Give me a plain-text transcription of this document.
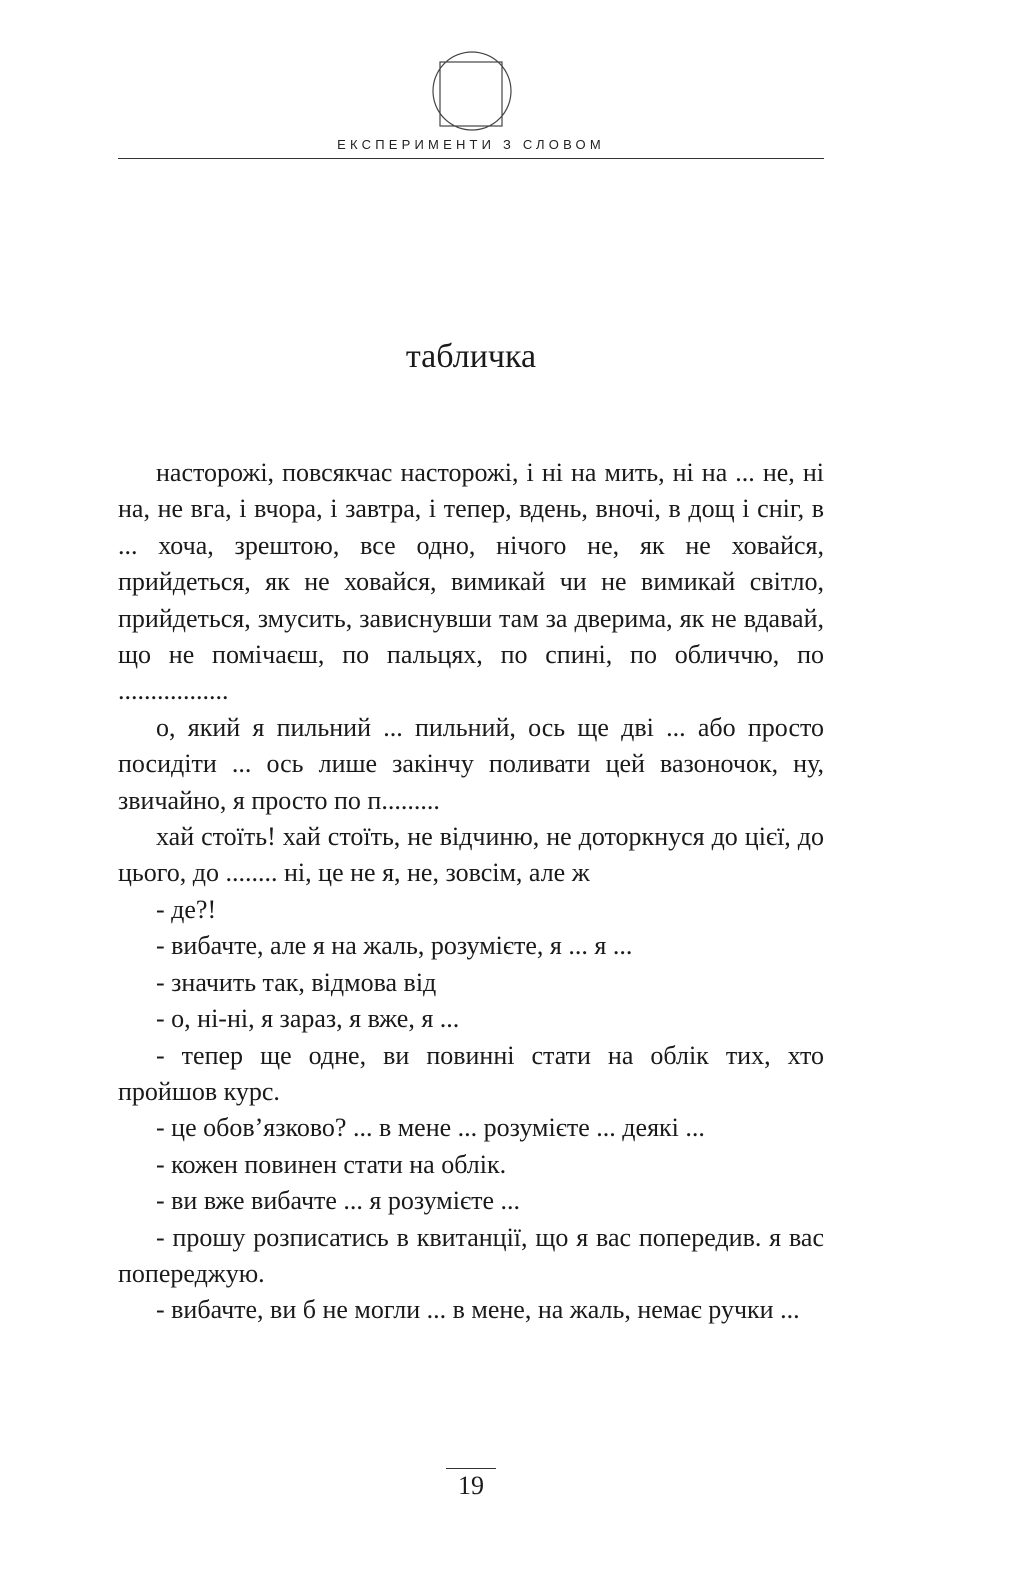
ЕКСПЕРИМЕНТИ З СЛОВОМ
табличка

насторожі, повсякчас насторожі, і ні на мить, ні на ... не, ні на, не вга, і вчора, і завтра, і тепер, вдень, вночі, в дощ і сніг, в ... хоча, зрештою, все одно, нічого не, як не ховайся, прийдеться, як не ховайся, вимикай чи не вимикай світло, прийдеться, змусить, зависнувши там за дверима, як не вдавай, що не помічаєш, по пальцях, по спині, по обличчю, по .................

о, який я пильний ... пильний, ось ще дві ... або просто посидіти ... ось лише закінчу поливати цей вазоночок, ну, звичайно, я просто по п.........

хай стоїть! хай стоїть, не відчиню, не доторкнуся до цієї, до цього, до ........ ні, це не я, не, зовсім, але ж

- де?!

- вибачте, але я на жаль, розумієте, я ... я ...

- значить так, відмова від

- о, ні-ні, я зараз, я вже, я ...

- тепер ще одне, ви повинні стати на облік тих, хто пройшов курс.

- це обов’язково? ... в мене ... розумієте ... деякі ...

- кожен повинен стати на облік.

- ви вже вибачте ... я розумієте ...

- прошу розписатись в квитанції, що я вас попередив. я вас попереджую.

- вибачте, ви б не могли ... в мене, на жаль, немає ручки ...

19
